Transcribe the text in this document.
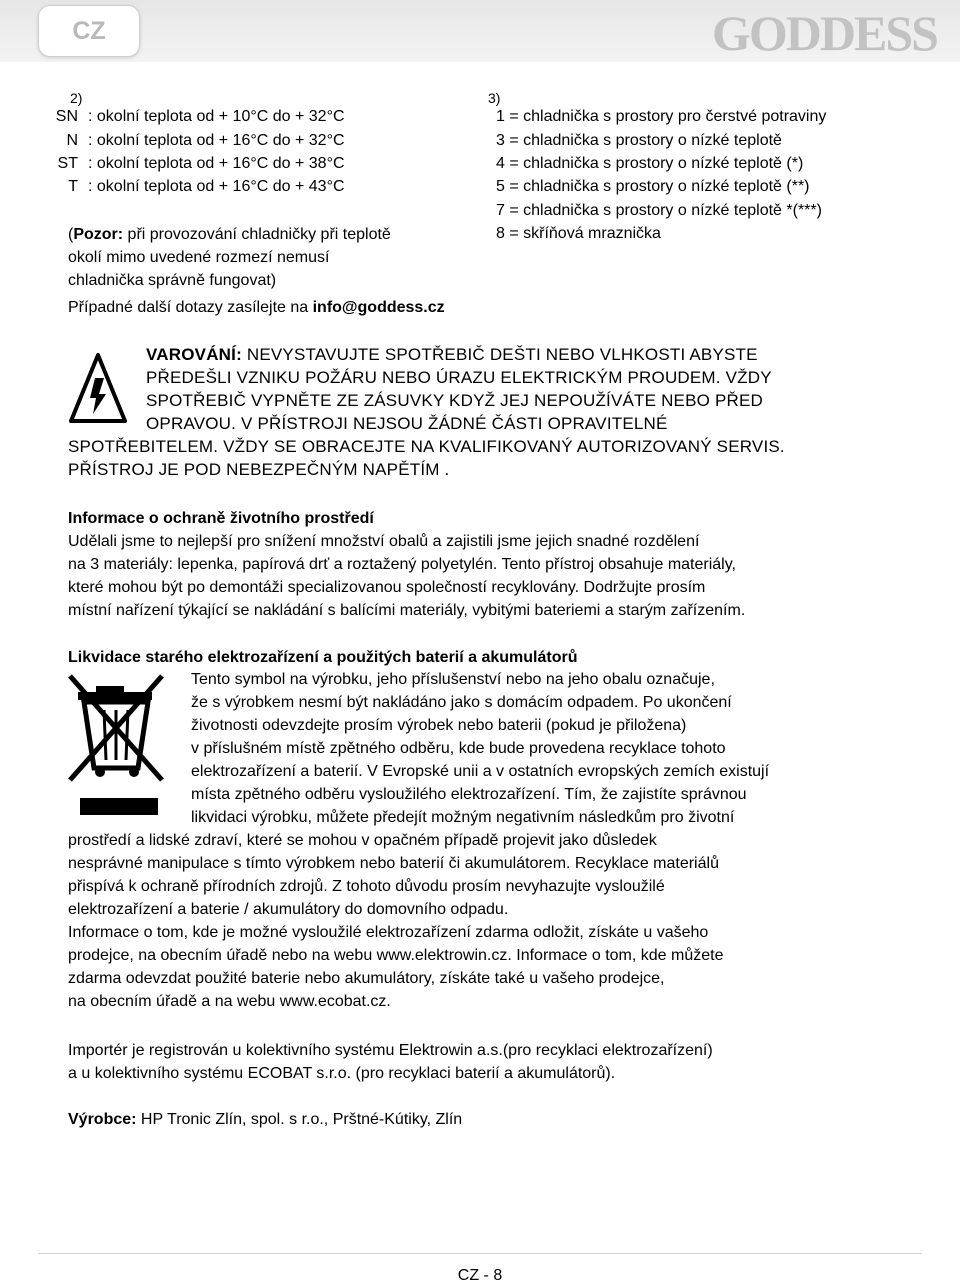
CZ	GODDESS
2)
SN : okolní teplota od + 10°C do + 32°C
N : okolní teplota od + 16°C do + 32°C
ST : okolní teplota od + 16°C do + 38°C
T : okolní teplota od + 16°C do + 43°C
(Pozor: při provozování chladničky při teplotě
okolí mimo uvedené rozmezí nemusí
chladnička správně fungovat)
Případné další dotazy zasílejte na info@goddess.cz
3)
1 = chladnička s prostory pro čerstvé potraviny
3 = chladnička s prostory o nízké teplotě
4 = chladnička s prostory o nízké teplotě (*)
5 = chladnička s prostory o nízké teplotě (**)
7 = chladnička s prostory o nízké teplotě *(***)
8 = skříňová mraznička
VAROVÁNÍ: NEVYSTAVUJTE SPOTŘEBIČ DEŠTI NEBO VLHKOSTI ABYSTE
PŘEDEŠLI VZNIKU POŽÁRU NEBO ÚRAZU ELEKTRICKÝM PROUDEM. VŽDY
SPOTŘEBIČ VYPNĚTE ZE ZÁSUVKY KDYŽ JEJ NEPOUŽÍVÁTE NEBO PŘED
OPRAVOU. V PŘÍSTROJI NEJSOU ŽÁDNÉ ČÁSTI OPRAVITELNÉ
SPOTŘEBITELEM. VŽDY SE OBRACEJTE NA KVALIFIKOVANÝ AUTORIZOVANÝ SERVIS.
PŘÍSTROJ JE POD NEBEZPEČNÝM NAPĚTÍM .
Informace o ochraně životního prostředí
Udělali jsme to nejlepší pro snížení množství obalů a zajistili jsme jejich snadné rozdělení
na 3 materiály: lepenka, papírová drť a roztažený polyetylén. Tento přístroj obsahuje materiály,
které mohou být po demontáži specializovanou společností recyklovány. Dodržujte prosím
místní nařízení týkající se nakládání s balícími materiály, vybitými bateriemi a starým zařízením.
Likvidace starého elektrozařízení a použitých baterií a akumulátorů
Tento symbol na výrobku, jeho příslušenství nebo na jeho obalu označuje,
že s výrobkem nesmí být nakládáno jako s domácím odpadem. Po ukončení
životnosti odevzdejte prosím výrobek nebo baterii (pokud je přiložena)
v příslušném místě zpětného odběru, kde bude provedena recyklace tohoto
elektrozařízení a baterií. V Evropské unii a v ostatních evropských zemích existují
místa zpětného odběru vysloužilého elektrozařízení. Tím, že zajistíte správnou
likvidaci výrobku, můžete předejít možným negativním následkům pro životní
prostředí a lidské zdraví, které se mohou v opačném případě projevit jako důsledek
nesprávné manipulace s tímto výrobkem nebo baterií či akumulátorem. Recyklace materiálů
přispívá k ochraně přírodních zdrojů. Z tohoto důvodu prosím nevyhazujte vysloužilé
elektrozařízení a baterie / akumulátory do domovního odpadu.
Informace o tom, kde je možné vysloužilé elektrozařízení zdarma odložit, získáte u vašeho
prodejce, na obecním úřadě nebo na webu www.elektrowin.cz. Informace o tom, kde můžete
zdarma odevzdat použité baterie nebo akumulátory, získáte také u vašeho prodejce,
na obecním úřadě a na webu www.ecobat.cz.
Importér je registrován u kolektivního systému Elektrowin a.s.(pro recyklaci elektrozařízení)
a u kolektivního systému ECOBAT s.r.o. (pro recyklaci baterií a akumulátorů).
Výrobce: HP Tronic Zlín, spol. s r.o., Prštné-Kútiky, Zlín
CZ - 8
